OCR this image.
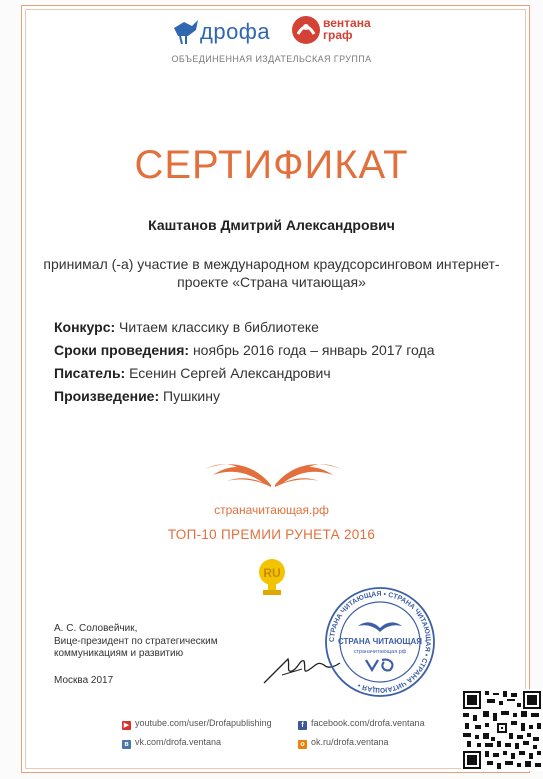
дрофа	вентана
граф
ОБЪЕДИНЕННАЯ ИЗДАТЕЛЬСКАЯ ГРУППА
СЕРТИФИКАТ
Каштанов Дмитрий Александрович
принимал (-а) участие в международном краудсорсинговом интернет-проекте «Страна читающая»
Конкурс: Читаем классику в библиотеке
Сроки проведения: ноябрь 2016 года – январь 2017 года
Писатель: Есенин Сергей Александрович
Произведение: Пушкину
страначитающая.рф
ТОП-10 ПРЕМИИ РУНЕТА 2016
RU
А. С. Соловейчик,
Вице-президент по стратегическим
коммуникациям и развитию
Москва 2017
СТРАНА ЧИТАЮЩАЯ • СТРАНА ЧИТАЮЩАЯ • СТРАНА ЧИТАЮЩАЯ •
СТРАНА ЧИТАЮЩАЯ
страначитающая.рф
▶ youtube.com/user/Drofapublishing
в vk.com/drofa.ventana
f facebook.com/drofa.ventana
о ok.ru/drofa.ventana
